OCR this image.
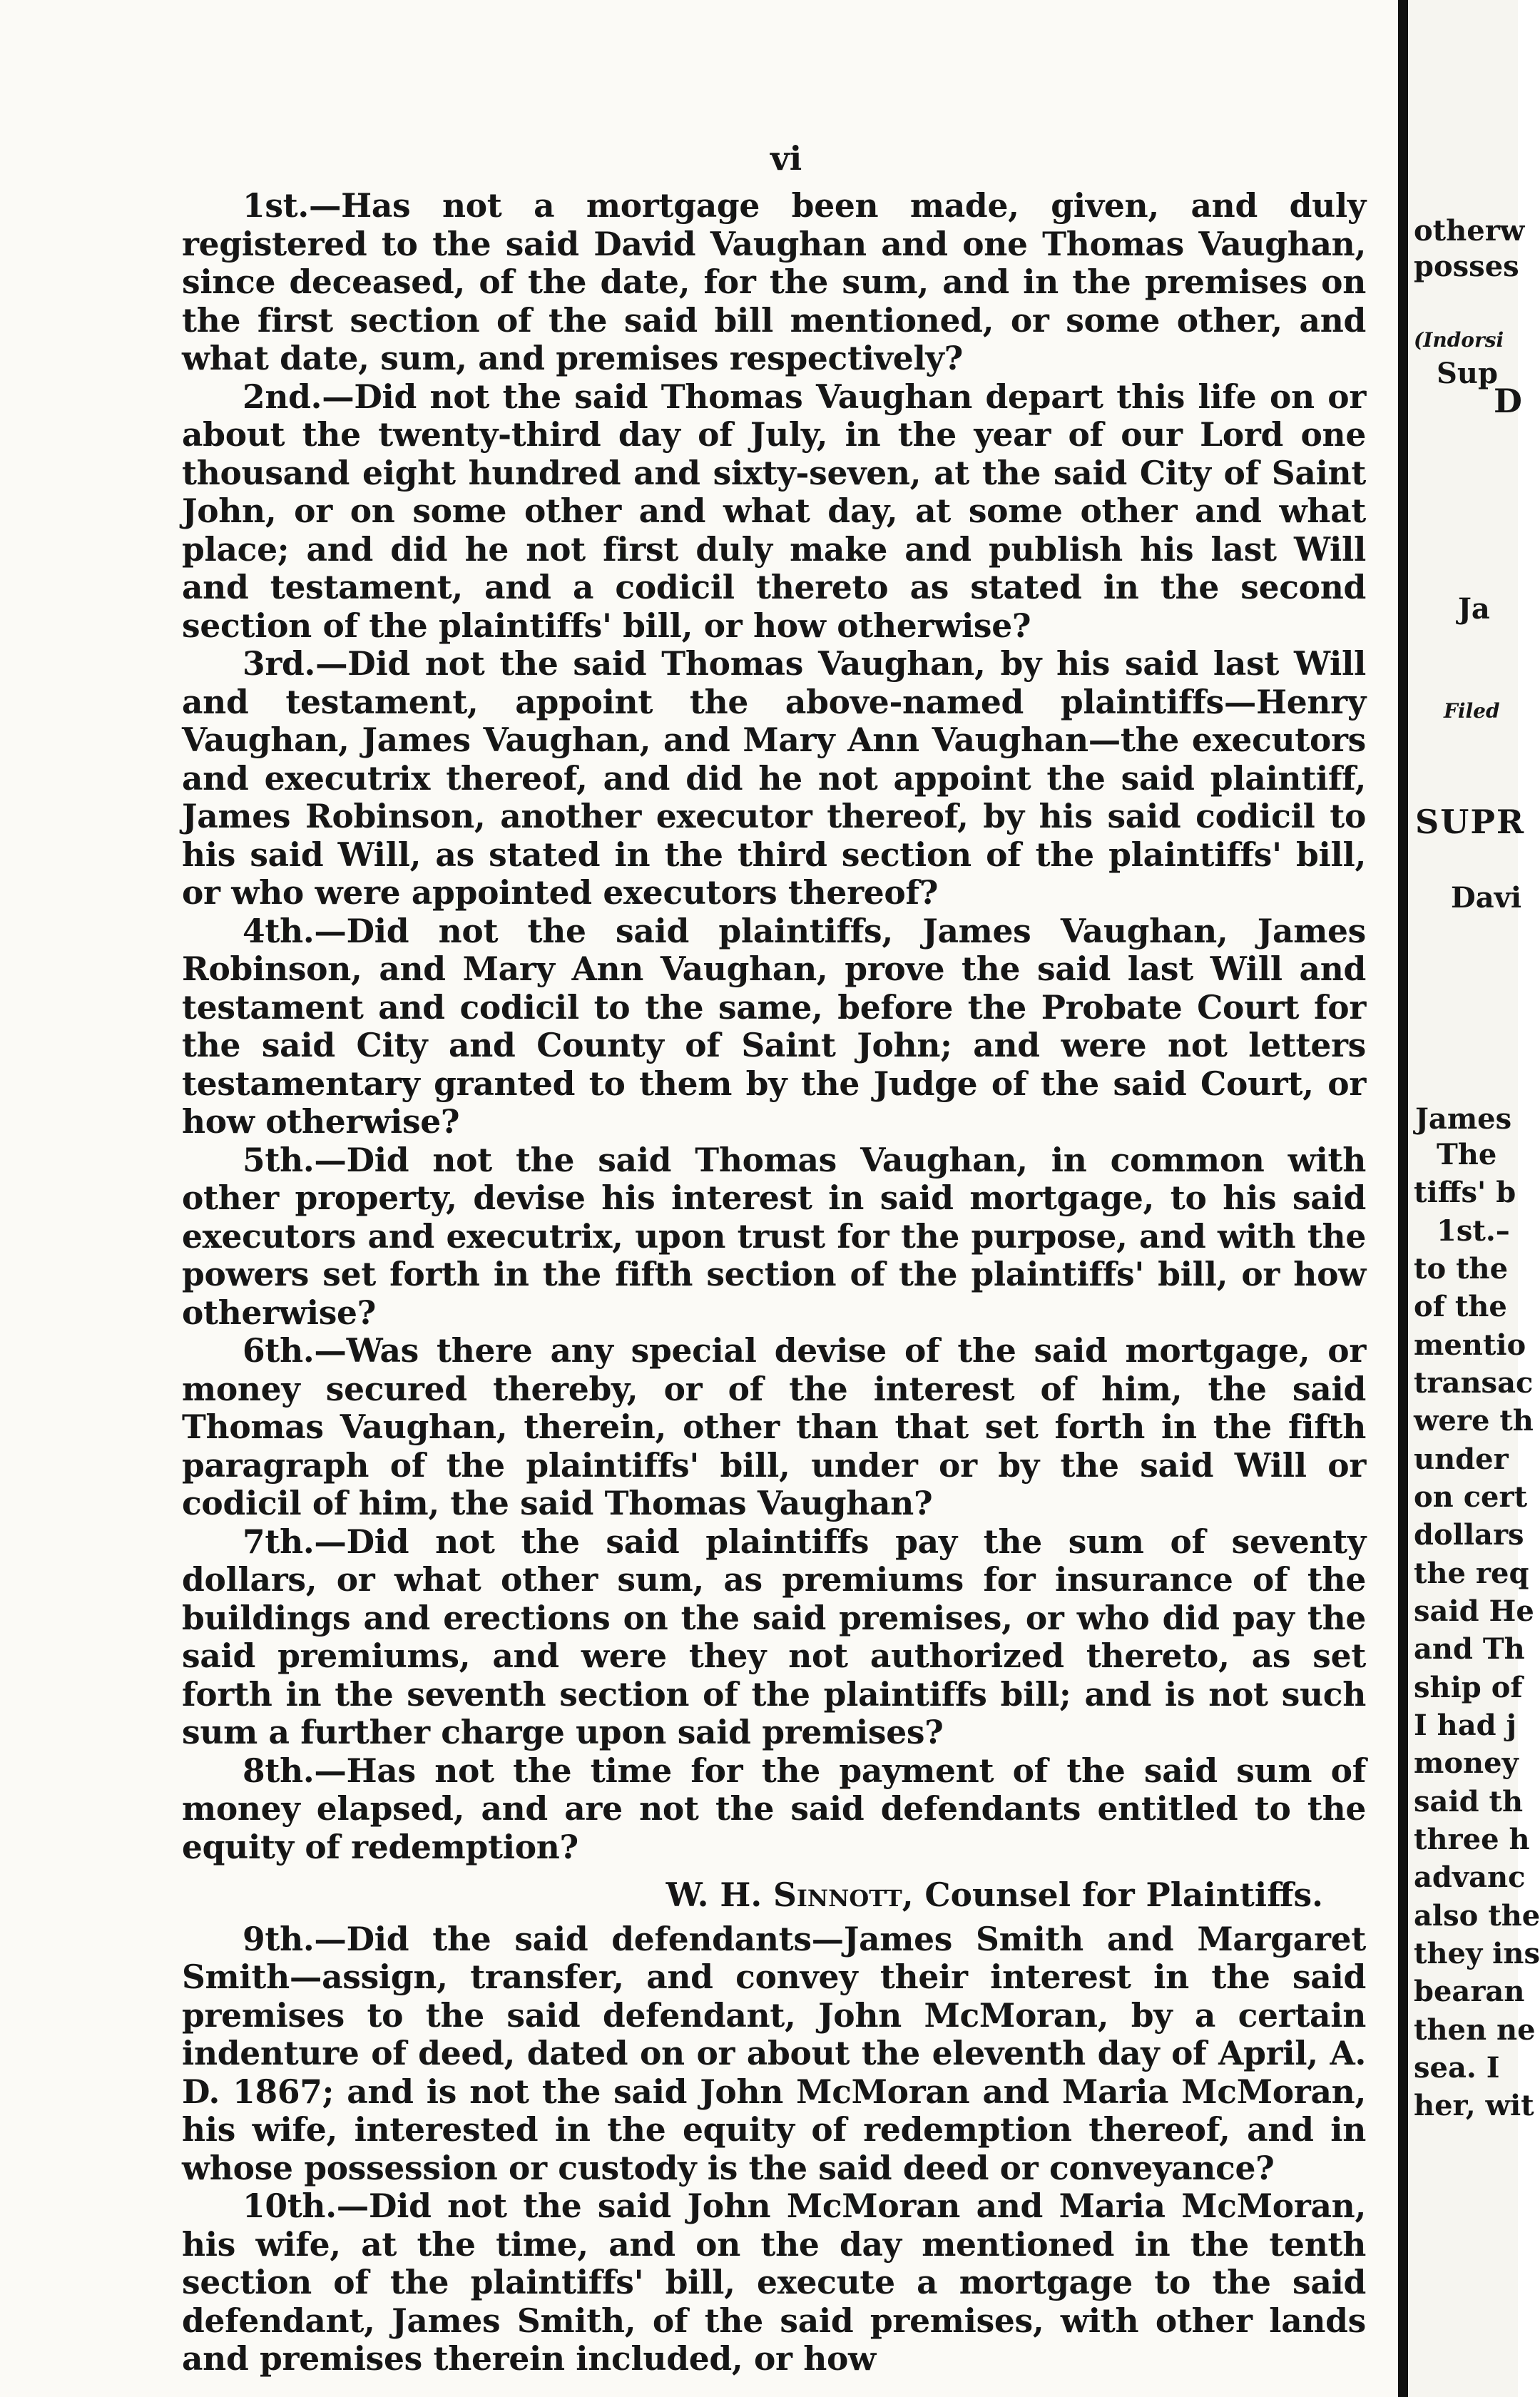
vi

1st.—Has not a mortgage been made, given, and duly registered to the said David Vaughan and one Thomas Vaughan, since deceased, of the date, for the sum, and in the premises on the first section of the said bill mentioned, or some other, and what date, sum, and premises respectively?

2nd.—Did not the said Thomas Vaughan depart this life on or about the twenty-third day of July, in the year of our Lord one thousand eight hundred and sixty-seven, at the said City of Saint John, or on some other and what day, at some other and what place; and did he not first duly make and publish his last Will and testament, and a codicil thereto as stated in the second section of the plaintiffs' bill, or how otherwise?

3rd.—Did not the said Thomas Vaughan, by his said last Will and testament, appoint the above-named plaintiffs—Henry Vaughan, James Vaughan, and Mary Ann Vaughan—the executors and executrix thereof, and did he not appoint the said plaintiff, James Robinson, another executor thereof, by his said codicil to his said Will, as stated in the third section of the plaintiffs' bill, or who were appointed executors thereof?

4th.—Did not the said plaintiffs, James Vaughan, James Robinson, and Mary Ann Vaughan, prove the said last Will and testament and codicil to the same, before the Probate Court for the said City and County of Saint John; and were not letters testamentary granted to them by the Judge of the said Court, or how otherwise?

5th.—Did not the said Thomas Vaughan, in common with other property, devise his interest in said mortgage, to his said executors and executrix, upon trust for the purpose, and with the powers set forth in the fifth section of the plaintiffs' bill, or how otherwise?

6th.—Was there any special devise of the said mortgage, or money secured thereby, or of the interest of him, the said Thomas Vaughan, therein, other than that set forth in the fifth paragraph of the plaintiffs' bill, under or by the said Will or codicil of him, the said Thomas Vaughan?

7th.—Did not the said plaintiffs pay the sum of seventy dollars, or what other sum, as premiums for insurance of the buildings and erections on the said premises, or who did pay the said premiums, and were they not authorized thereto, as set forth in the seventh section of the plaintiffs bill; and is not such sum a further charge upon said premises?

8th.—Has not the time for the payment of the said sum of money elapsed, and are not the said defendants entitled to the equity of redemption?

W. H. Sinnott, Counsel for Plaintiffs.

9th.—Did the said defendants—James Smith and Margaret Smith—assign, transfer, and convey their interest in the said premises to the said defendant, John McMoran, by a certain indenture of deed, dated on or about the eleventh day of April, A. D. 1867; and is not the said John McMoran and Maria McMoran, his wife, interested in the equity of redemption thereof, and in whose possession or custody is the said deed or conveyance?

10th.—Did not the said John McMoran and Maria McMoran, his wife, at the time, and on the day mentioned in the tenth section of the plaintiffs' bill, execute a mortgage to the said defendant, James Smith, of the said premises, with other lands and premises therein included, or how

otherw
posses
(Indorsi
Sup
D
Ja
Filed
SUPR
Davi
James
The
tiffs' b
1st.–
to the
of the
mentio
transac
were th
under
on cert
dollars
the req
said He
and Th
ship of
I had j
money
said th
three h
advanc
also the
they ins
bearan
then ne
sea. I
her, wit
